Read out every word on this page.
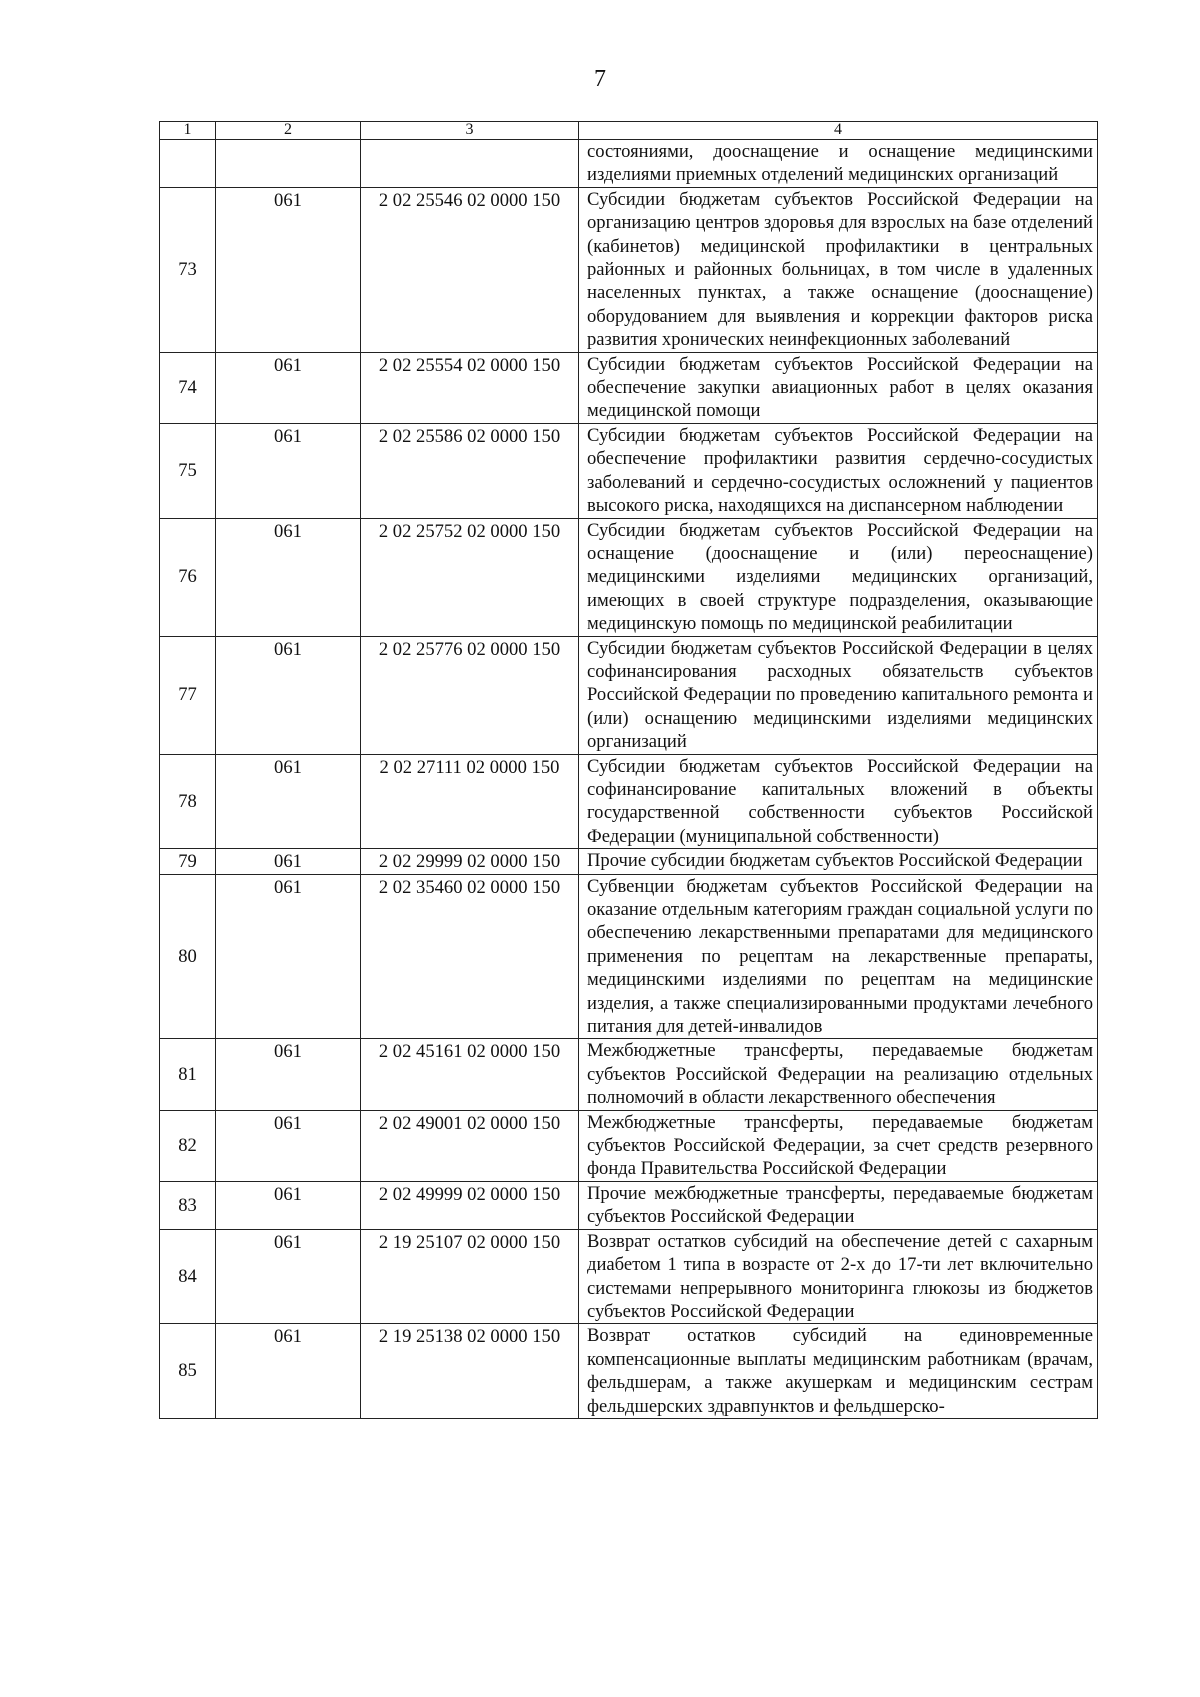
7
1	2	3	4
			состояниями, дооснащение и оснащение медицинскими изделиями приемных отделений медицинских организаций
73	061	2 02 25546 02 0000 150	Субсидии бюджетам субъектов Российской Федерации на организацию центров здоровья для взрослых на базе отделений (кабинетов) медицинской профилактики в центральных районных и районных больницах, в том числе в удаленных населенных пунктах, а также оснащение (дооснащение) оборудованием для выявления и коррекции факторов риска развития хронических неинфекционных заболеваний
74	061	2 02 25554 02 0000 150	Субсидии бюджетам субъектов Российской Федерации на обеспечение закупки авиационных работ в целях оказания медицинской помощи
75	061	2 02 25586 02 0000 150	Субсидии бюджетам субъектов Российской Федерации на обеспечение профилактики развития сердечно-сосудистых заболеваний и сердечно-сосудистых осложнений у пациентов высокого риска, находящихся на диспансерном наблюдении
76	061	2 02 25752 02 0000 150	Субсидии бюджетам субъектов Российской Федерации на оснащение (дооснащение и (или) переоснащение) медицинскими изделиями медицинских организаций, имеющих в своей структуре подразделения, оказывающие медицинскую помощь по медицинской реабилитации
77	061	2 02 25776 02 0000 150	Субсидии бюджетам субъектов Российской Федерации в целях софинансирования расходных обязательств субъектов Российской Федерации по проведению капитального ремонта и (или) оснащению медицинскими изделиями медицинских организаций
78	061	2 02 27111 02 0000 150	Субсидии бюджетам субъектов Российской Федерации на софинансирование капитальных вложений в объекты государственной собственности субъектов Российской Федерации (муниципальной собственности)
79	061	2 02 29999 02 0000 150	Прочие субсидии бюджетам субъектов Российской Федерации
80	061	2 02 35460 02 0000 150	Субвенции бюджетам субъектов Российской Федерации на оказание отдельным категориям граждан социальной услуги по обеспечению лекарственными препаратами для медицинского применения по рецептам на лекарственные препараты, медицинскими изделиями по рецептам на медицинские изделия, а также специализированными продуктами лечебного питания для детей-инвалидов
81	061	2 02 45161 02 0000 150	Межбюджетные трансферты, передаваемые бюджетам субъектов Российской Федерации на реализацию отдельных полномочий в области лекарственного обеспечения
82	061	2 02 49001 02 0000 150	Межбюджетные трансферты, передаваемые бюджетам субъектов Российской Федерации, за счет средств резервного фонда Правительства Российской Федерации
83	061	2 02 49999 02 0000 150	Прочие межбюджетные трансферты, передаваемые бюджетам субъектов Российской Федерации
84	061	2 19 25107 02 0000 150	Возврат остатков субсидий на обеспечение детей с сахарным диабетом 1 типа в возрасте от 2-х до 17-ти лет включительно системами непрерывного мониторинга глюкозы из бюджетов субъектов Российской Федерации
85	061	2 19 25138 02 0000 150	Возврат остатков субсидий на единовременные компенсационные выплаты медицинским работникам (врачам, фельдшерам, а также акушеркам и медицинским сестрам фельдшерских здравпунктов и фельдшерско-
